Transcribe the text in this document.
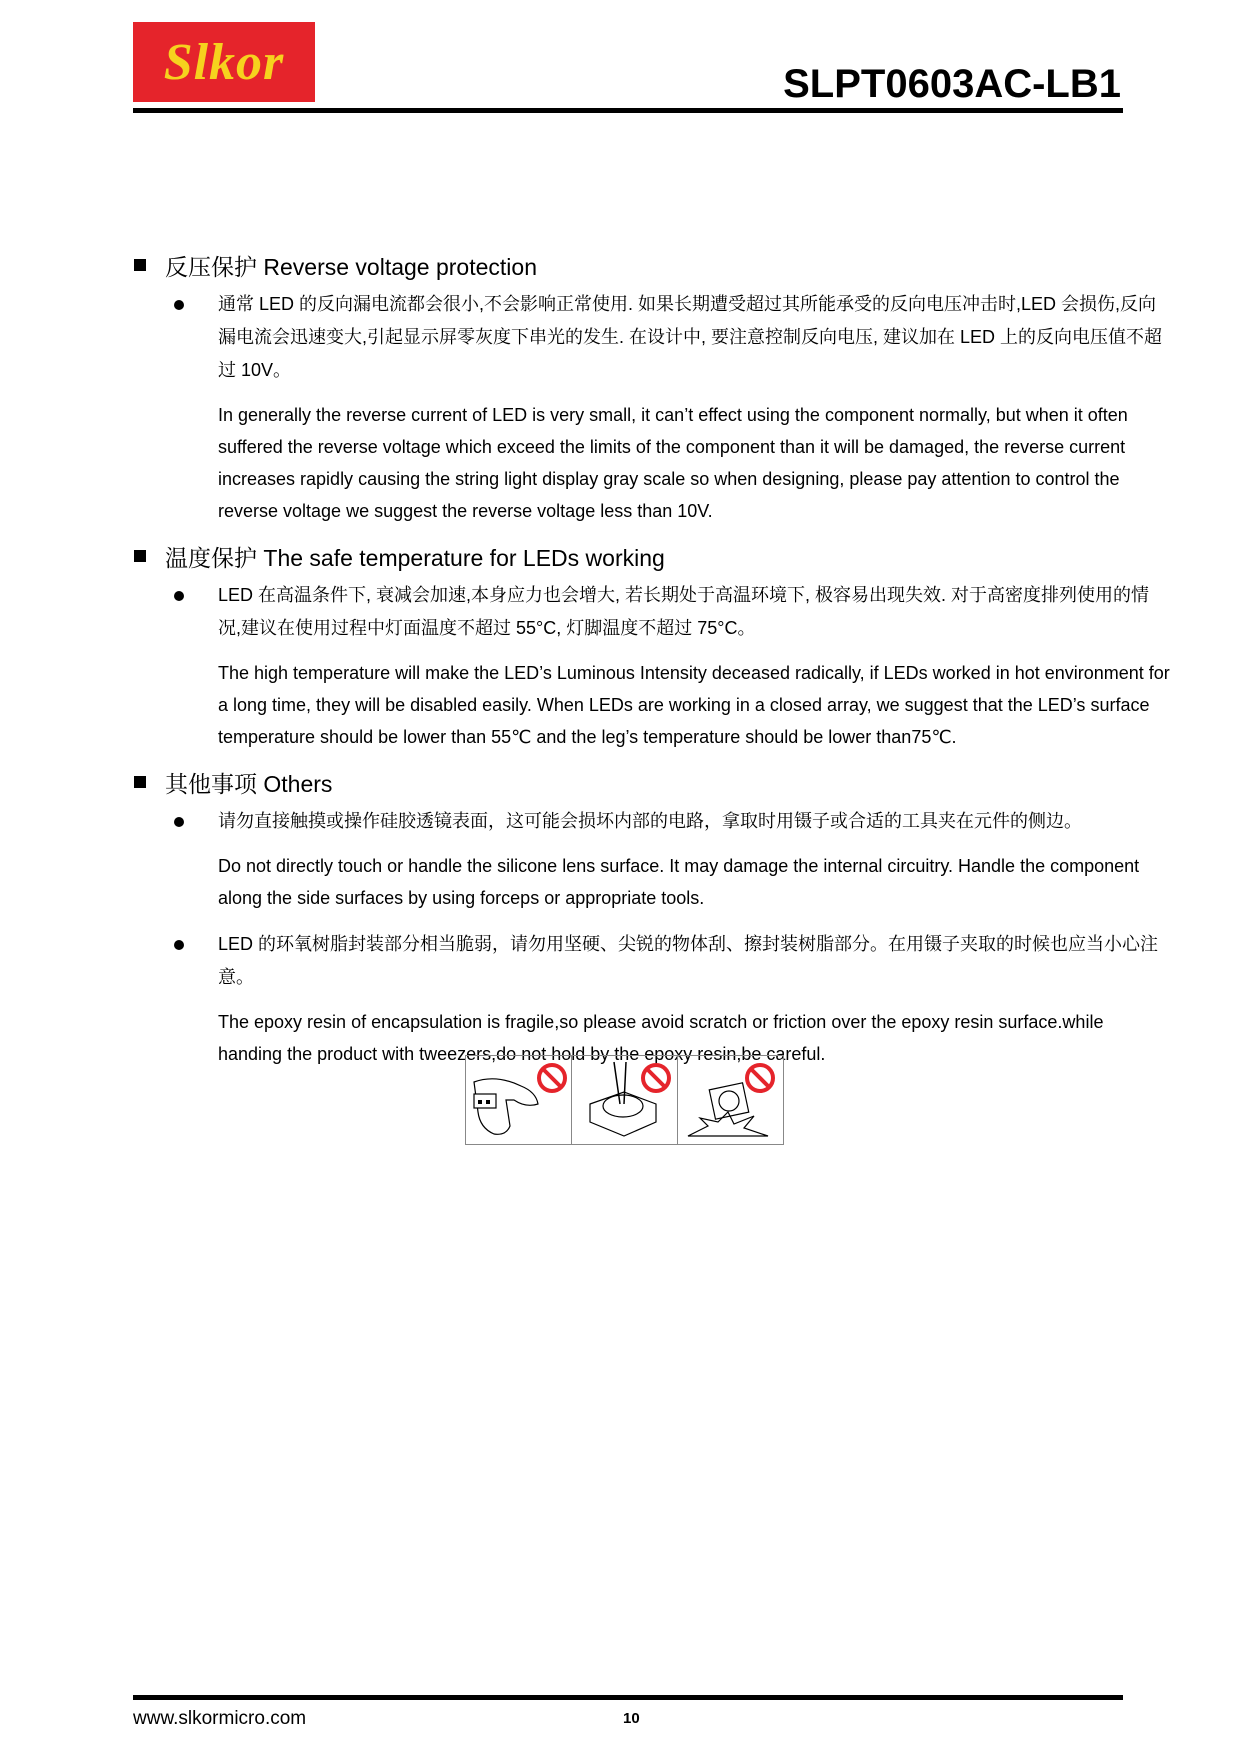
Slkor	SLPT0603AC-LB1
反压保护 Reverse voltage protection

通常 LED 的反向漏电流都会很小,不会影响正常使用. 如果长期遭受超过其所能承受的反向电压冲击时,LED 会损伤,反向漏电流会迅速变大,引起显示屏零灰度下串光的发生. 在设计中, 要注意控制反向电压, 建议加在 LED 上的反向电压值不超过 10V。

In generally the reverse current of LED is very small, it can’t effect using the component normally, but when it often suffered the reverse voltage which exceed the limits of the component than it will be damaged, the reverse current increases rapidly causing the string light display gray scale so when designing, please pay attention to control the reverse voltage we suggest the reverse voltage less than 10V.

温度保护 The safe temperature for LEDs working

LED 在高温条件下, 衰减会加速,本身应力也会增大, 若长期处于高温环境下, 极容易出现失效. 对于高密度排列使用的情况,建议在使用过程中灯面温度不超过 55°C, 灯脚温度不超过 75°C。

The high temperature will make the LED’s Luminous Intensity deceased radically, if LEDs worked in hot environment for a long time, they will be disabled easily. When LEDs are working in a closed array, we suggest that the LED’s surface temperature should be lower than 55℃ and the leg’s temperature should be lower than75℃.

其他事项 Others

请勿直接触摸或操作硅胶透镜表面，这可能会损坏内部的电路，拿取时用镊子或合适的工具夹在元件的侧边。

Do not directly touch or handle the silicone lens surface. It may damage the internal circuitry. Handle the component along the side surfaces by using forceps or appropriate tools.

LED 的环氧树脂封装部分相当脆弱，请勿用坚硬、尖锐的物体刮、擦封装树脂部分。在用镊子夹取的时候也应当小心注意。

The epoxy resin of encapsulation is fragile,so please avoid scratch or friction over the epoxy resin surface.while handing the product with tweezers,do not hold by the epoxy resin,be careful.

www.slkormicro.com	10
